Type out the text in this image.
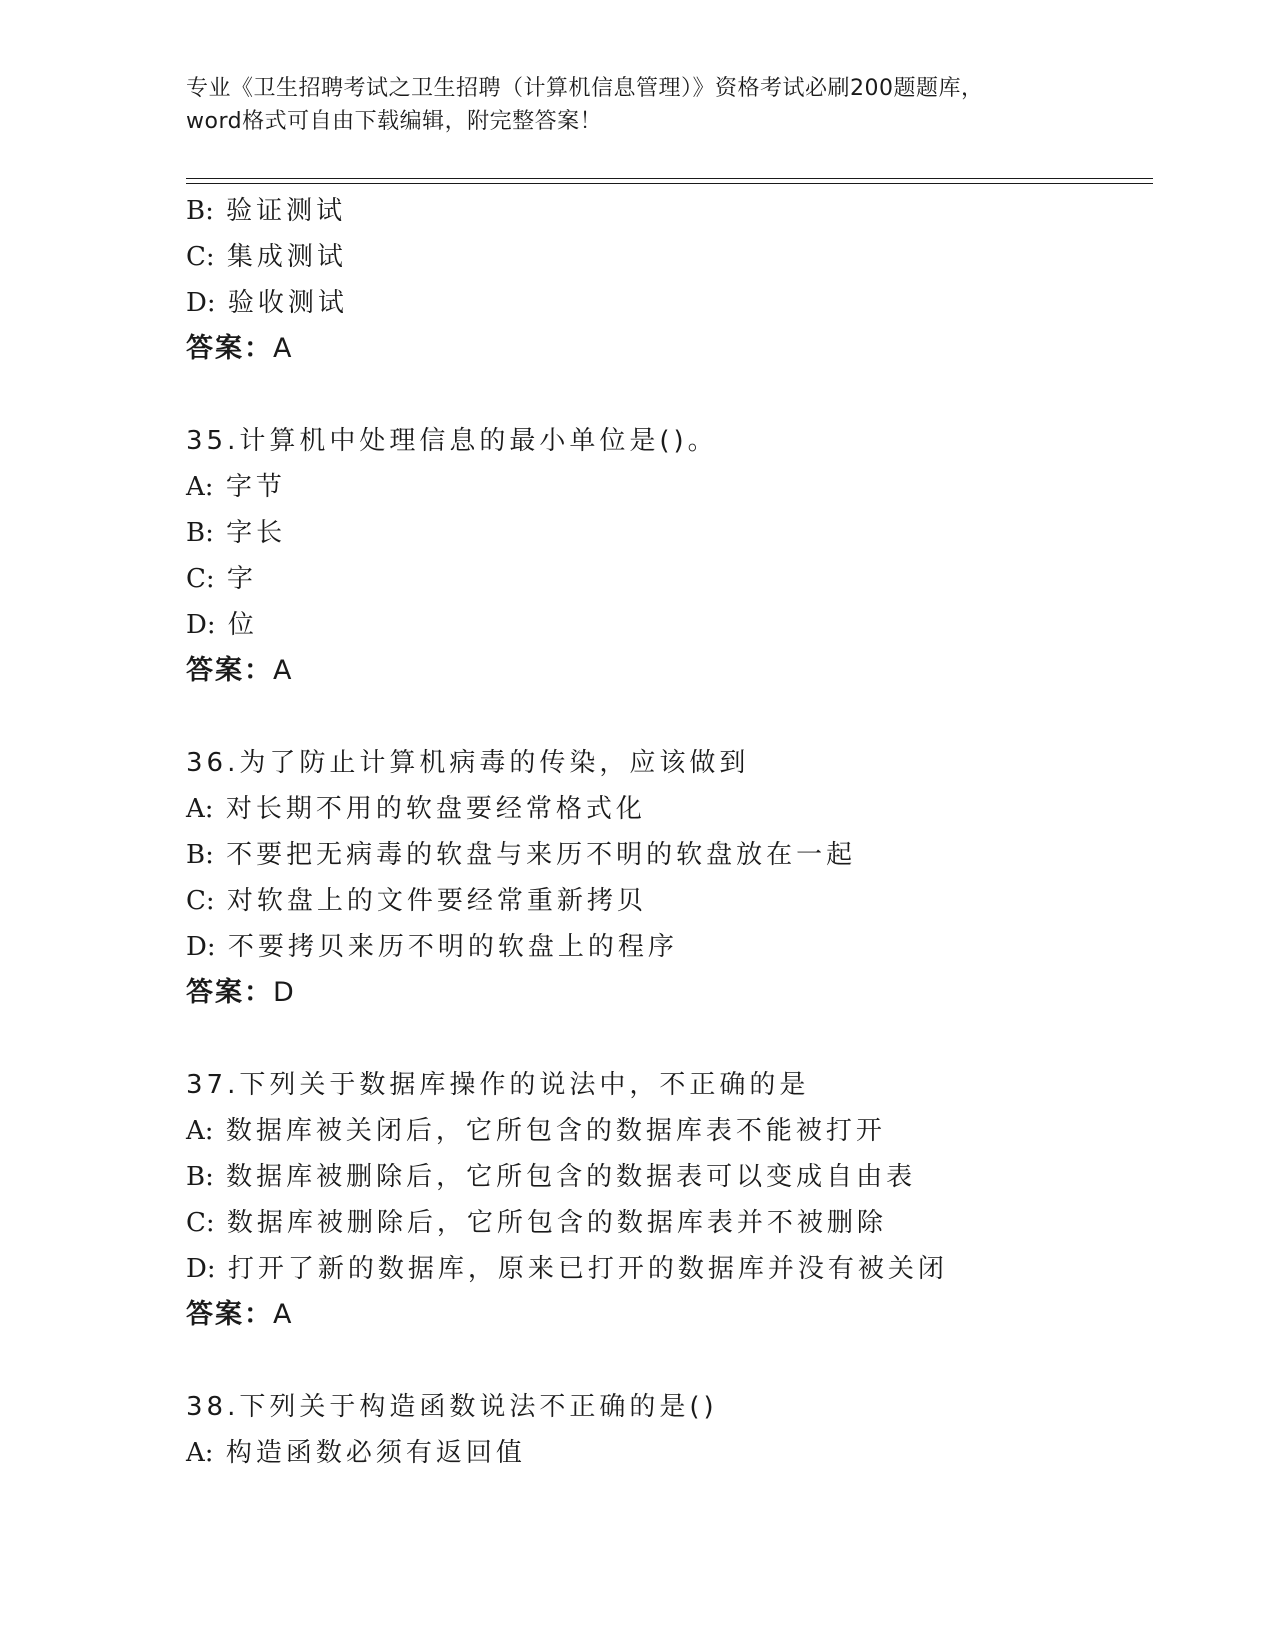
专业《卫生招聘考试之卫生招聘（计算机信息管理）》资格考试必刷200题题库，
word格式可自由下载编辑，附完整答案！
B: 验证测试
C: 集成测试
D: 验收测试
答案：A
35.计算机中处理信息的最小单位是()。
A: 字节
B: 字长
C: 字
D: 位
答案：A
36.为了防止计算机病毒的传染，应该做到
A: 对长期不用的软盘要经常格式化
B: 不要把无病毒的软盘与来历不明的软盘放在一起
C: 对软盘上的文件要经常重新拷贝
D: 不要拷贝来历不明的软盘上的程序
答案：D
37.下列关于数据库操作的说法中，不正确的是
A: 数据库被关闭后，它所包含的数据库表不能被打开
B: 数据库被删除后，它所包含的数据表可以变成自由表
C: 数据库被删除后，它所包含的数据库表并不被删除
D: 打开了新的数据库，原来已打开的数据库并没有被关闭
答案：A
38.下列关于构造函数说法不正确的是()
A: 构造函数必须有返回值
